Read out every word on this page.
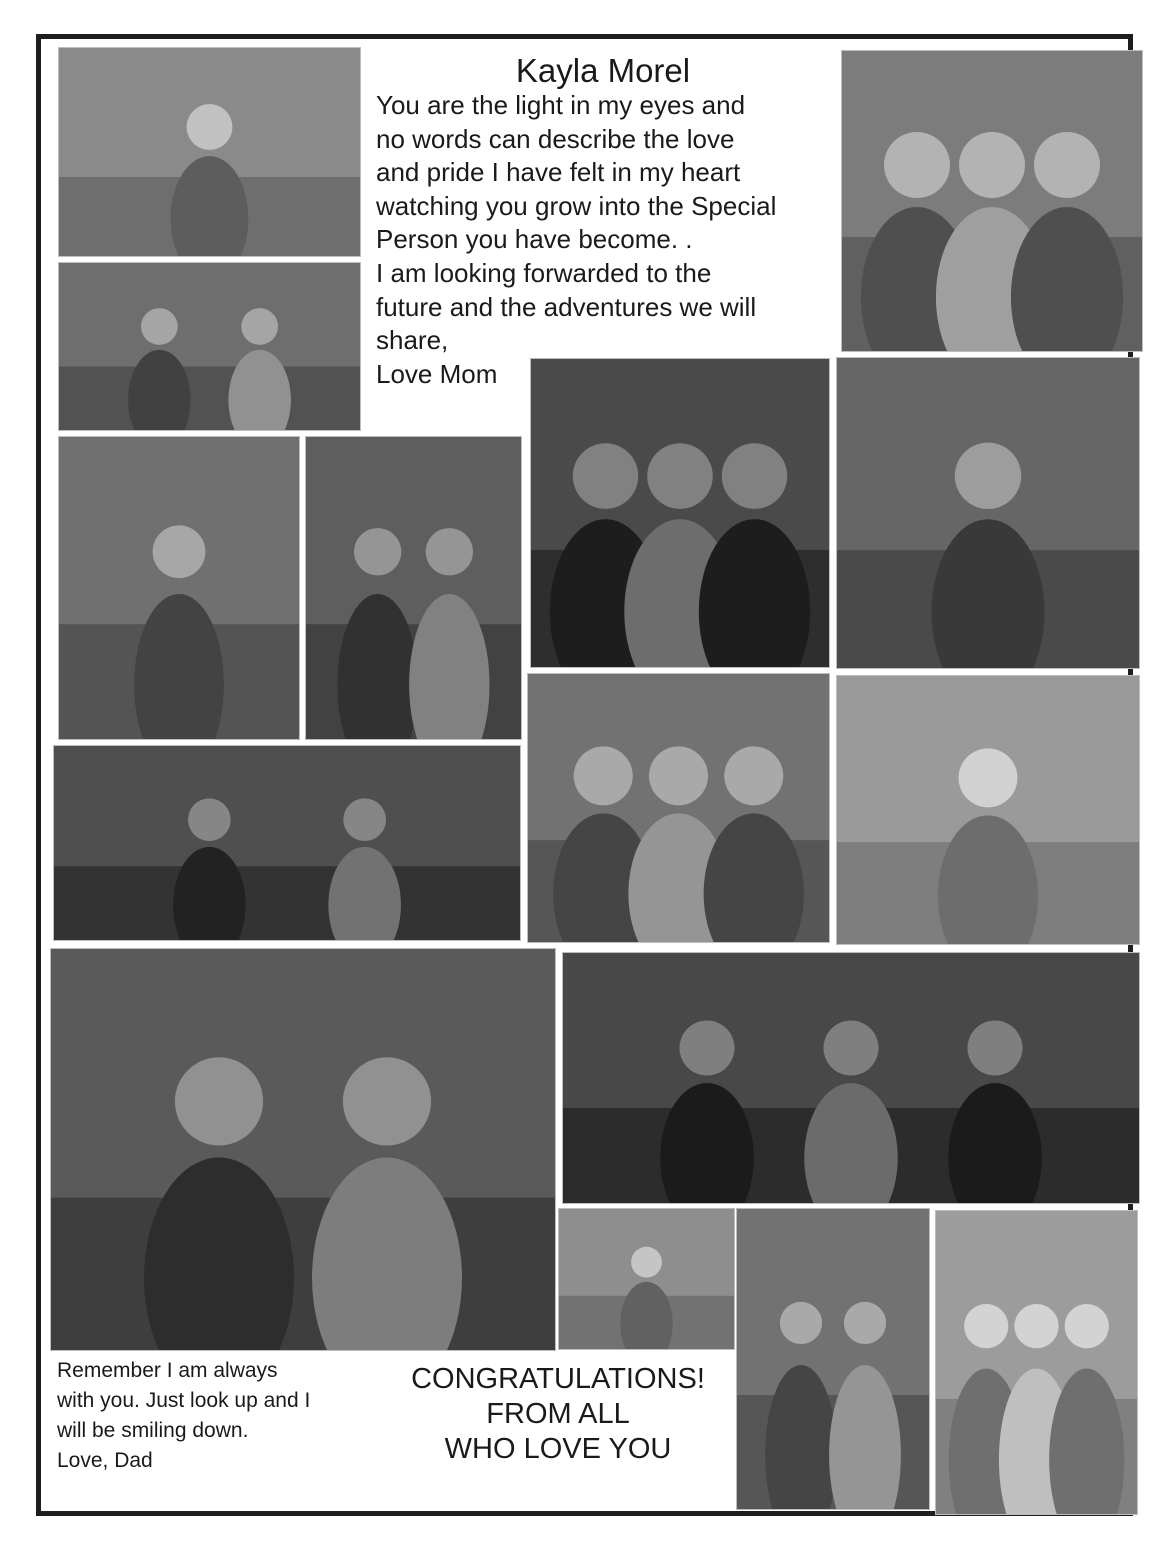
Kayla Morel
You are the light in my eyes and
no words can describe the love
and pride I have felt in my heart
watching you grow into the Special
Person you have become. .
I am looking forwarded to the
future and the adventures we will
share,
Love Mom
Remember I am always
with you. Just look up and I
will be smiling down.
Love, Dad
CONGRATULATIONS!
FROM ALL
WHO LOVE YOU
